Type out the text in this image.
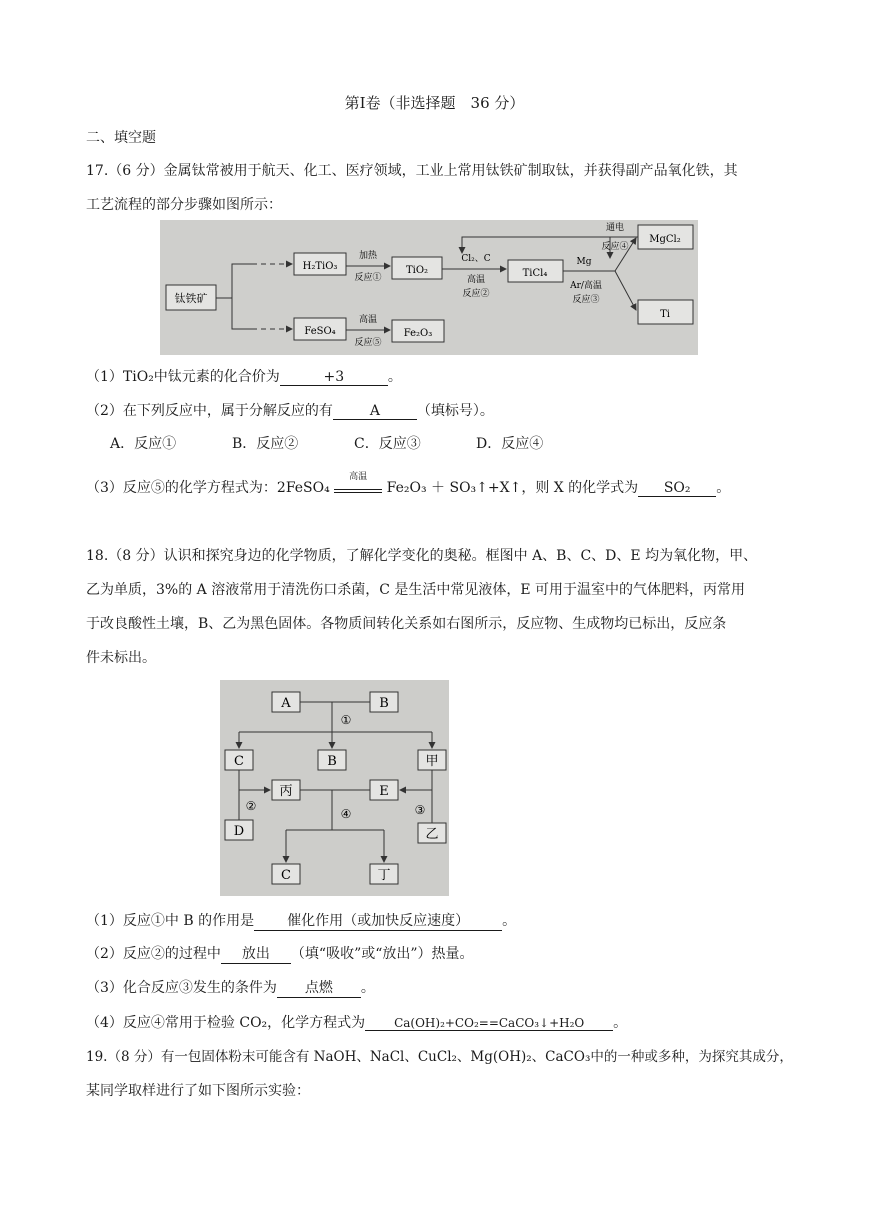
第Ⅰ卷（非选择题　36 分）
二、填空题
17.（6 分）金属钛常被用于航天、化工、医疗领域，工业上常用钛铁矿制取钛，并获得副产品氧化铁，其
工艺流程的部分步骤如图所示：
钛铁矿
H₂TiO₃
FeSO₄
TiO₂
Fe₂O₃
TiCl₄
MgCl₂
Ti
加热
反应①
Cl₂、C
高温
反应②
Mg
Ar/高温
反应③
通电
反应④
高温
反应⑤
（1）TiO₂中钛元素的化合价为	+3	。
（2）在下列反应中，属于分解反应的有	A	（填标号）。
A．反应①	B．反应②	C．反应③	D．反应④
（3）反应⑤的化学方程式为：2FeSO₄
高温
Fe₂O₃ ＋ SO₃↑+X↑，则 X 的化学式为 SO₂ 。
18.（8 分）认识和探究身边的化学物质，了解化学变化的奥秘。框图中 A、B、C、D、E 均为氧化物，甲、
乙为单质，3%的 A 溶液常用于清洗伤口杀菌，C 是生活中常见液体，E 可用于温室中的气体肥料，丙常用
于改良酸性土壤，B、乙为黑色固体。各物质间转化关系如右图所示，反应物、生成物均已标出，反应条
件未标出。
A	B
C	B	甲
丙	E
D	乙
C	丁
①
②	③
④
（1）反应①中 B 的作用是 催化作用（或加快反应速度） 。
（2）反应②的过程中 放出 （填“吸收”或“放出”）热量。
（3）化合反应③发生的条件为 点燃 。
（4）反应④常用于检验 CO₂，化学方程式为 Ca(OH)₂+CO₂==CaCO₃↓+H₂O 。
19.（8 分）有一包固体粉末可能含有 NaOH、NaCl、CuCl₂、Mg(OH)₂、CaCO₃中的一种或多种，为探究其成分，
某同学取样进行了如下图所示实验：
